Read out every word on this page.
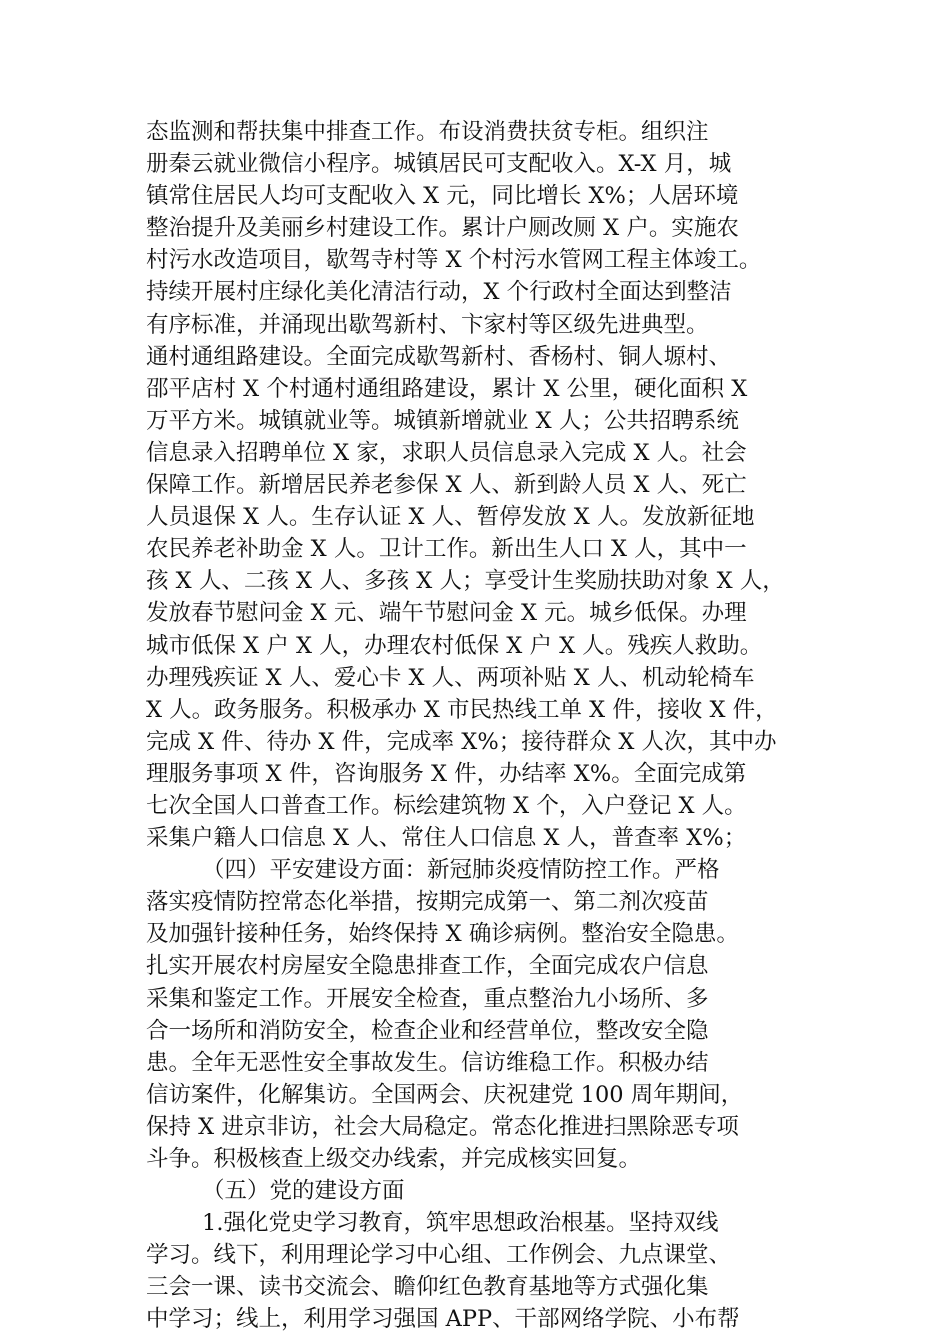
态监测和帮扶集中排查工作。布设消费扶贫专柜。组织注
册秦云就业微信小程序。城镇居民可支配收入。X-X 月，城
镇常住居民人均可支配收入 X 元，同比增长 X%；人居环境
整治提升及美丽乡村建设工作。累计户厕改厕 X 户。实施农
村污水改造项目，歇驾寺村等 X 个村污水管网工程主体竣工。
持续开展村庄绿化美化清洁行动，X 个行政村全面达到整洁
有序标准，并涌现出歇驾新村、卞家村等区级先进典型。
通村通组路建设。全面完成歇驾新村、香杨村、铜人塬村、
邵平店村 X 个村通村通组路建设，累计 X 公里，硬化面积 X
万平方米。城镇就业等。城镇新增就业 X 人；公共招聘系统
信息录入招聘单位 X 家，求职人员信息录入完成 X 人。社会
保障工作。新增居民养老参保 X 人、新到龄人员 X 人、死亡
人员退保 X 人。生存认证 X 人、暂停发放 X 人。发放新征地
农民养老补助金 X 人。卫计工作。新出生人口 X 人，其中一
孩 X 人、二孩 X 人、多孩 X 人；享受计生奖励扶助对象 X 人，
发放春节慰问金 X 元、端午节慰问金 X 元。城乡低保。办理
城市低保 X 户 X 人，办理农村低保 X 户 X 人。残疾人救助。
办理残疾证 X 人、爱心卡 X 人、两项补贴 X 人、机动轮椅车
X 人。政务服务。积极承办 X 市民热线工单 X 件，接收 X 件，
完成 X 件、待办 X 件，完成率 X%；接待群众 X 人次，其中办
理服务事项 X 件，咨询服务 X 件，办结率 X%。全面完成第
七次全国人口普查工作。标绘建筑物 X 个，入户登记 X 人。
采集户籍人口信息 X 人、常住人口信息 X 人，普查率 X%；
（四）平安建设方面：新冠肺炎疫情防控工作。严格
落实疫情防控常态化举措，按期完成第一、第二剂次疫苗
及加强针接种任务，始终保持 X 确诊病例。整治安全隐患。
扎实开展农村房屋安全隐患排查工作，全面完成农户信息
采集和鉴定工作。开展安全检查，重点整治九小场所、多
合一场所和消防安全，检查企业和经营单位，整改安全隐
患。全年无恶性安全事故发生。信访维稳工作。积极办结
信访案件，化解集访。全国两会、庆祝建党 100 周年期间，
保持 X 进京非访，社会大局稳定。常态化推进扫黑除恶专项
斗争。积极核查上级交办线索，并完成核实回复。
（五）党的建设方面
1.强化党史学习教育，筑牢思想政治根基。坚持双线
学习。线下，利用理论学习中心组、工作例会、九点课堂、
三会一课、读书交流会、瞻仰红色教育基地等方式强化集
中学习；线上，利用学习强国 APP、干部网络学院、小布帮
